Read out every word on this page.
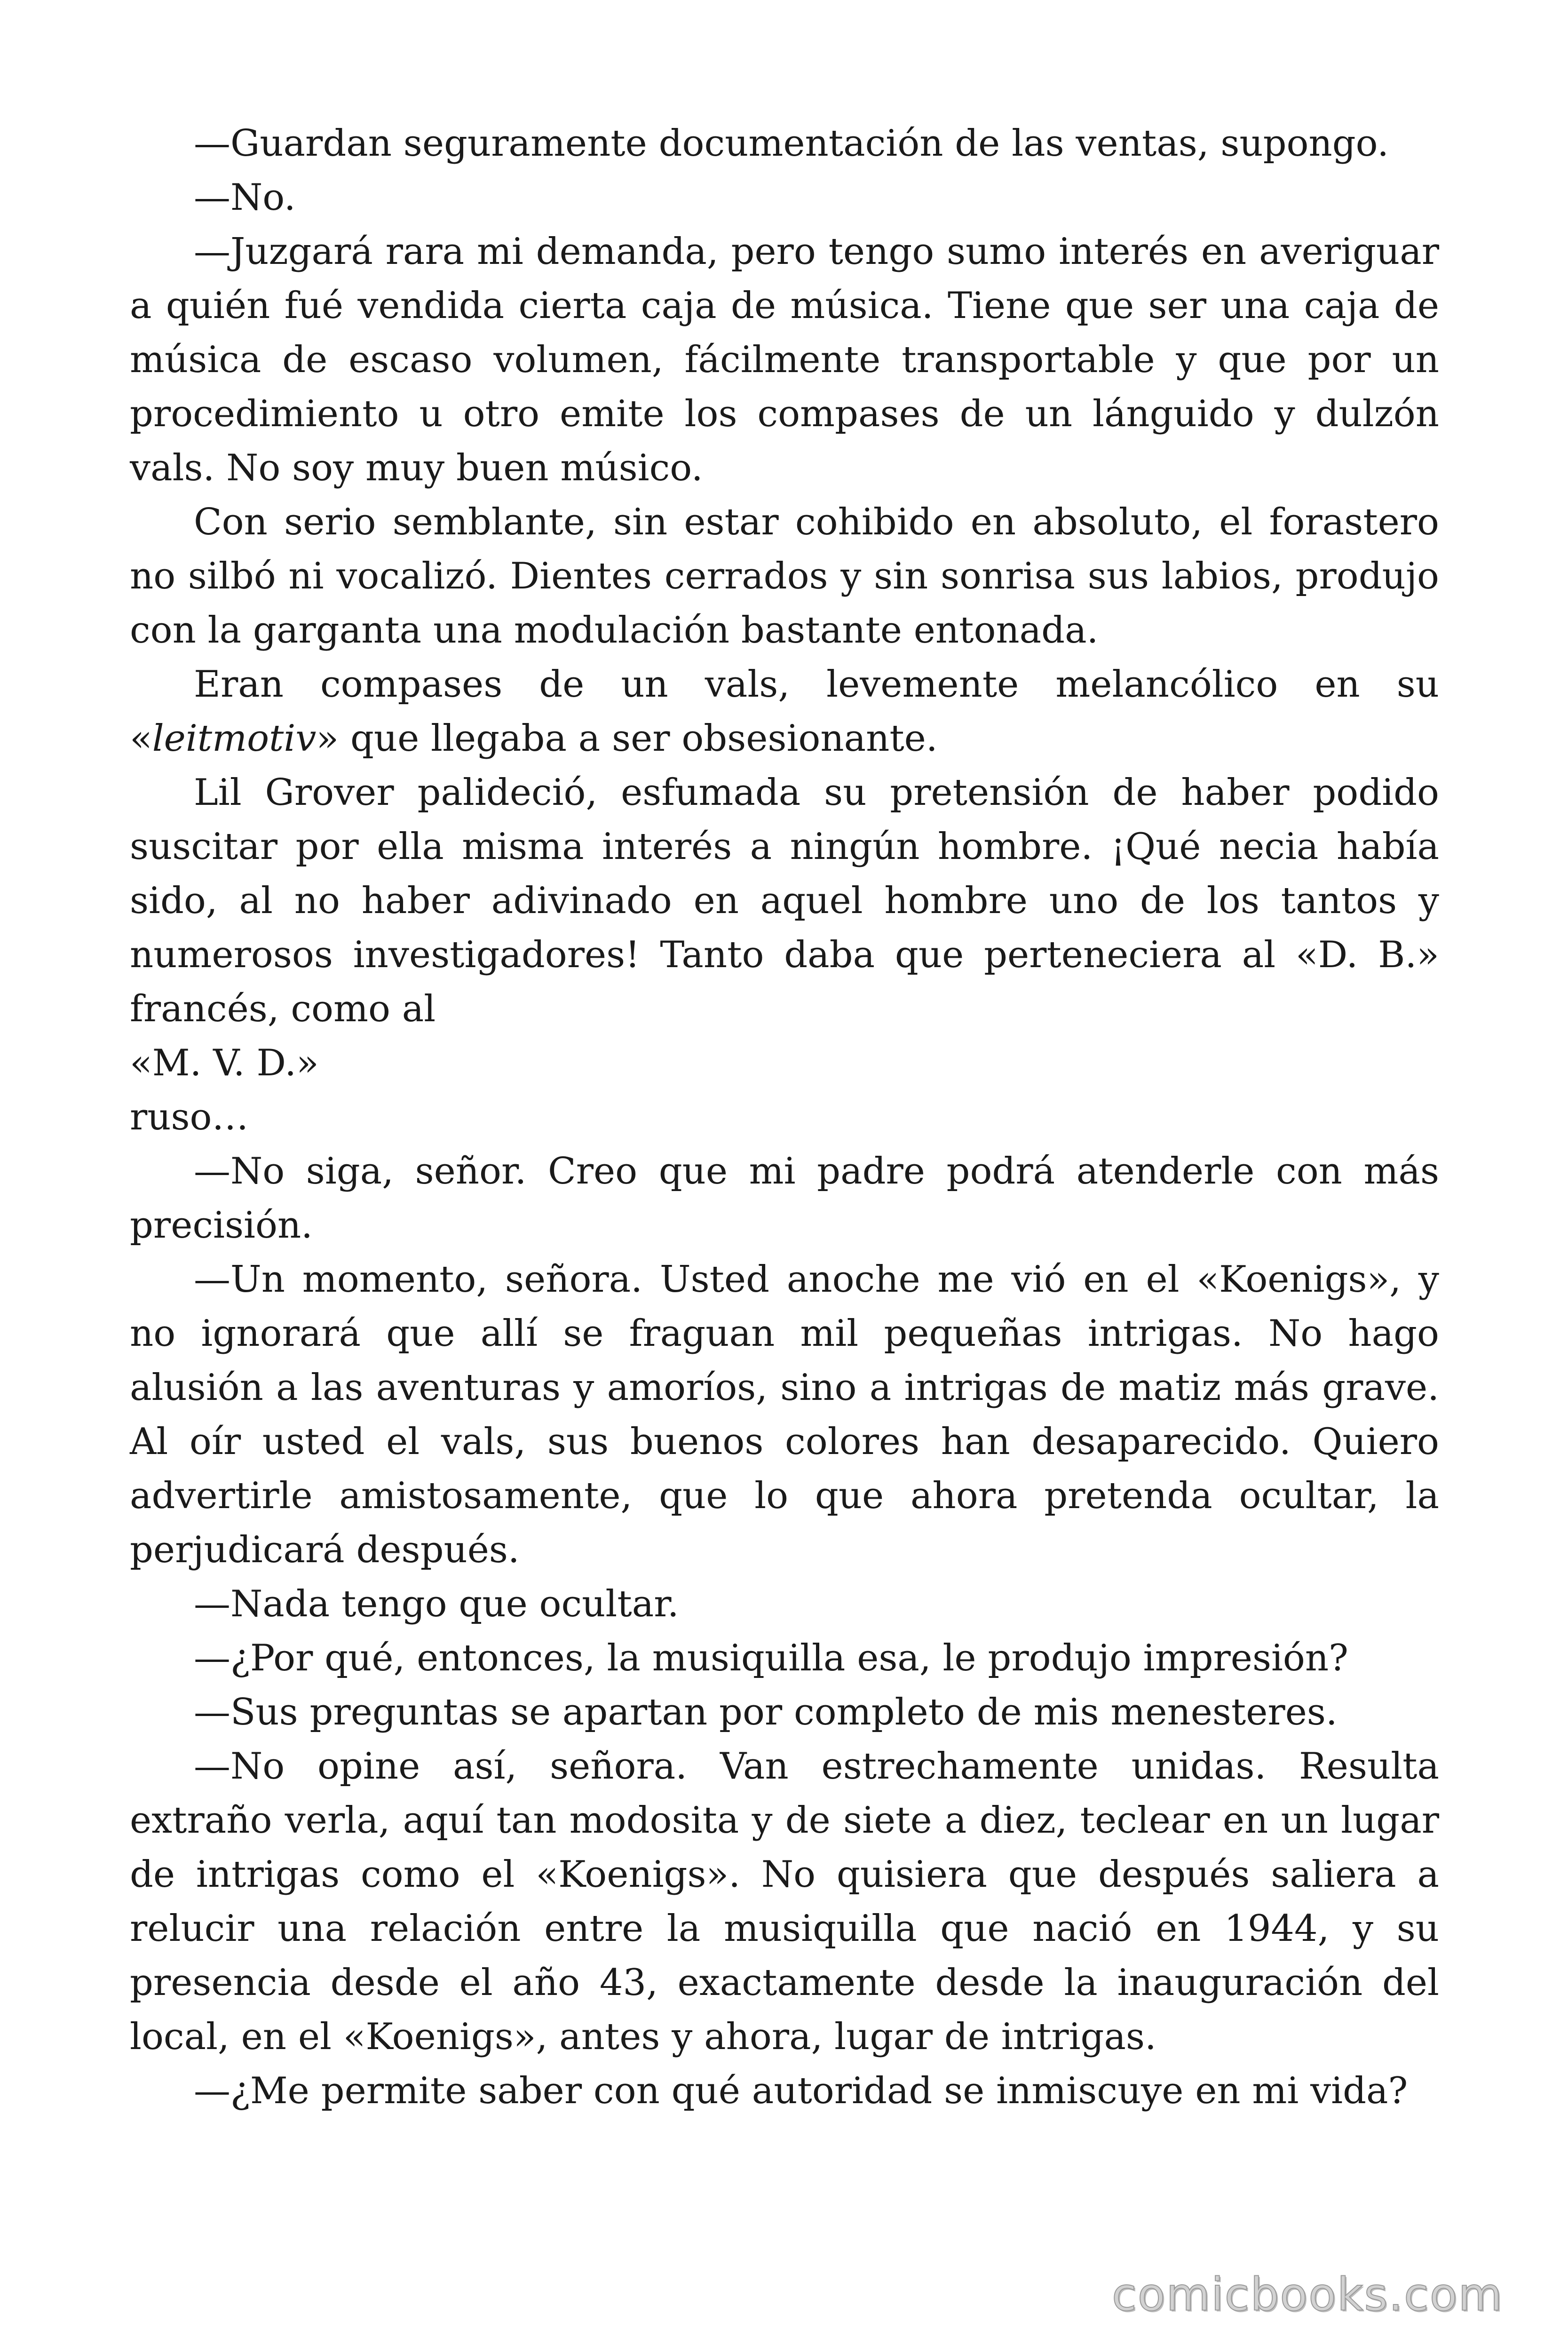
—Guardan seguramente documentación de las ventas, supongo.

—No.

—Juzgará rara mi demanda, pero tengo sumo interés en averiguar a quién fué vendida cierta caja de música. Tiene que ser una caja de música de escaso volumen, fácilmente transportable y que por un procedimiento u otro emite los compases de un lánguido y dulzón vals. No soy muy buen músico.

Con serio semblante, sin estar cohibido en absoluto, el forastero no silbó ni vocalizó. Dientes cerrados y sin sonrisa sus labios, produjo con la garganta una modulación bastante entonada.

Eran compases de un vals, levemente melancólico en su «leitmotiv» que llegaba a ser obsesionante.

Lil Grover palideció, esfumada su pretensión de haber podido suscitar por ella misma interés a ningún hombre. ¡Qué necia había sido, al no haber adivinado en aquel hombre uno de los tantos y numerosos investigadores! Tanto daba que perteneciera al «D. B.» francés, como al

«M. V. D.»

ruso…

—No siga, señor. Creo que mi padre podrá atenderle con más precisión.

—Un momento, señora. Usted anoche me vió en el «Koenigs», y no ignorará que allí se fraguan mil pequeñas intrigas. No hago alusión a las aventuras y amoríos, sino a intrigas de matiz más grave. Al oír usted el vals, sus buenos colores han desaparecido. Quiero advertirle amistosamente, que lo que ahora pretenda ocultar, la perjudicará después.

—Nada tengo que ocultar.

—¿Por qué, entonces, la musiquilla esa, le produjo impresión?

—Sus preguntas se apartan por completo de mis menesteres.

—No opine así, señora. Van estrechamente unidas. Resulta extraño verla, aquí tan modosita y de siete a diez, teclear en un lugar de intrigas como el «Koenigs». No quisiera que después saliera a relucir una relación entre la musiquilla que nació en 1944, y su presencia desde el año 43, exactamente desde la inauguración del local, en el «Koenigs», antes y ahora, lugar de intrigas.

—¿Me permite saber con qué autoridad se inmiscuye en mi vida?

comicbooks.com
